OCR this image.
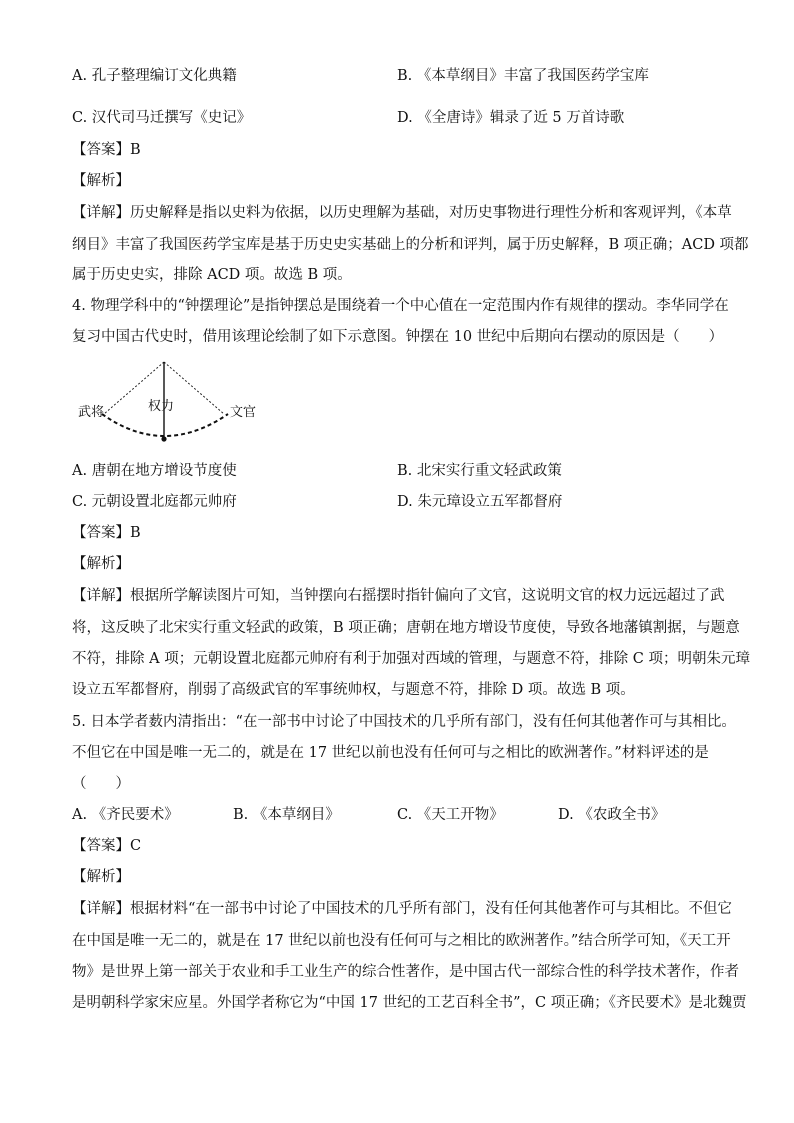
A. 孔子整理编订文化典籍	B. 《本草纲目》丰富了我国医药学宝库
C. 汉代司马迁撰写《史记》	D. 《全唐诗》辑录了近 5 万首诗歌
【答案】B
【解析】
【详解】历史解释是指以史料为依据，以历史理解为基础，对历史事物进行理性分析和客观评判，《本草
纲目》丰富了我国医药学宝库是基于历史史实基础上的分析和评判，属于历史解释，B 项正确；ACD 项都
属于历史史实，排除 ACD 项。故选 B 项。
4. 物理学科中的“钟摆理论”是指钟摆总是围绕着一个中心值在一定范围内作有规律的摆动。李华同学在
复习中国古代史时，借用该理论绘制了如下示意图。钟摆在 10 世纪中后期向右摆动的原因是（　　）
武将	权力	文官
A. 唐朝在地方增设节度使	B. 北宋实行重文轻武政策
C. 元朝设置北庭都元帅府	D. 朱元璋设立五军都督府
【答案】B
【解析】
【详解】根据所学解读图片可知，当钟摆向右摇摆时指针偏向了文官，这说明文官的权力远远超过了武
将，这反映了北宋实行重文轻武的政策，B 项正确；唐朝在地方增设节度使，导致各地藩镇割据，与题意
不符，排除 A 项；元朝设置北庭都元帅府有利于加强对西域的管理，与题意不符，排除 C 项；明朝朱元璋
设立五军都督府，削弱了高级武官的军事统帅权，与题意不符，排除 D 项。故选 B 项。
5. 日本学者薮内清指出：“在一部书中讨论了中国技术的几乎所有部门，没有任何其他著作可与其相比。
不但它在中国是唯一无二的，就是在 17 世纪以前也没有任何可与之相比的欧洲著作。”材料评述的是
（　　）
A. 《齐民要术》	B. 《本草纲目》	C. 《天工开物》	D. 《农政全书》
【答案】C
【解析】
【详解】根据材料“在一部书中讨论了中国技术的几乎所有部门，没有任何其他著作可与其相比。不但它
在中国是唯一无二的，就是在 17 世纪以前也没有任何可与之相比的欧洲著作。”结合所学可知，《天工开
物》是世界上第一部关于农业和手工业生产的综合性著作，是中国古代一部综合性的科学技术著作，作者
是明朝科学家宋应星。外国学者称它为“中国 17 世纪的工艺百科全书”，C 项正确；《齐民要术》是北魏贾
